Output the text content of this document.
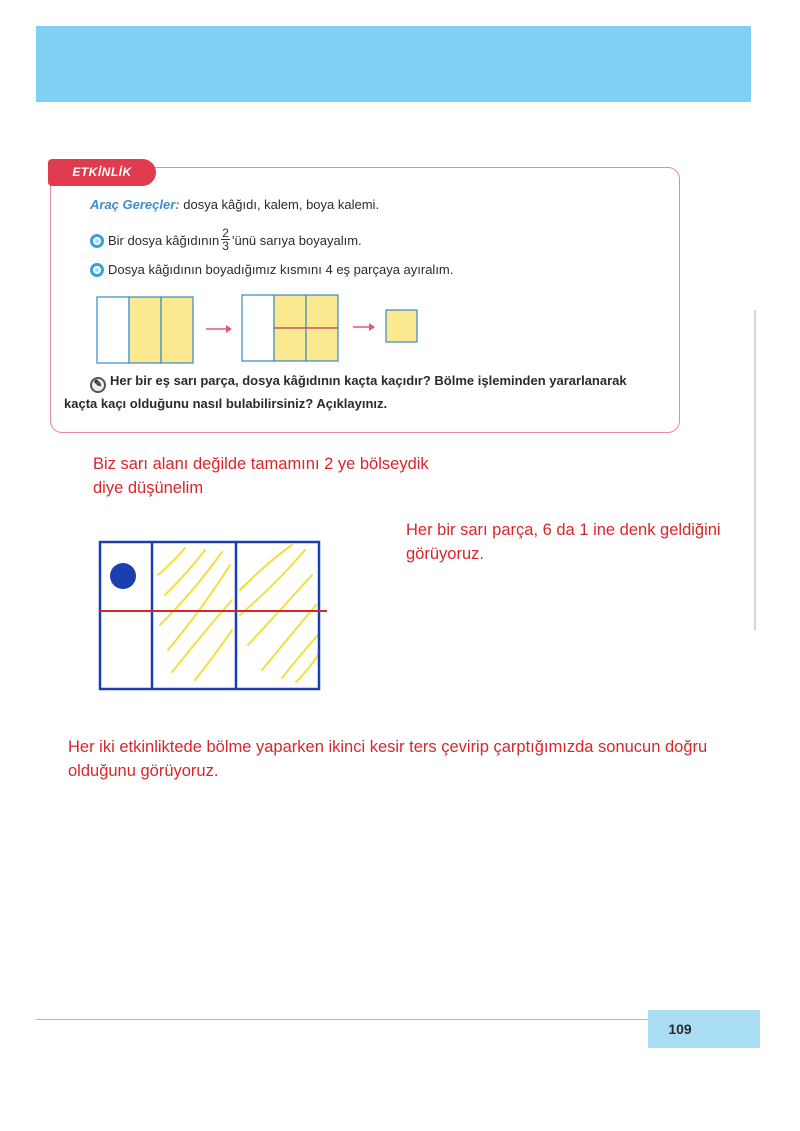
ETKİNLİK
Araç Gereçler: dosya kâğıdı, kalem, boya kalemi.
Bir dosya kâğıdının $\frac{2}{3}$ 'ünü sarıya boyayalım.
Dosya kâğıdının boyadığımız kısmını 4 eş parçaya ayıralım.
✎ Her bir eş sarı parça, dosya kâğıdının kaçta kaçıdır? Bölme işleminden yararlanarak
kaçta kaçı olduğunu nasıl bulabilirsiniz? Açıklayınız.
Biz sarı alanı değilde tamamını 2 ye bölseydik
diye düşünelim
Her bir sarı parça, 6 da 1 ine denk geldiğini
görüyoruz.
Her iki etkinliktede bölme yaparken ikinci kesir ters çevirip çarptığımızda sonucun doğru
olduğunu görüyoruz.
109
